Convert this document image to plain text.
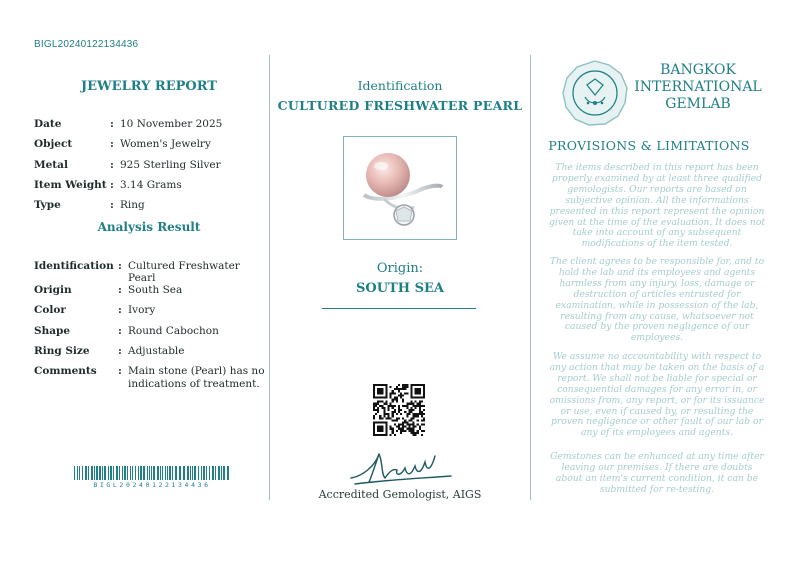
BIGL20240122134436
JEWELRY REPORT
Date	:	10 November 2025
Object	:	Women's Jewelry
Metal	:	925 Sterling Silver
Item Weight	:	3.14 Grams
Type	:	Ring
Analysis Result
Identification	:	Cultured Freshwater Pearl
Origin	:	South Sea
Color	:	Ivory
Shape	:	Round Cabochon
Ring Size	:	Adjustable
Comments	:	Main stone (Pearl) has no indications of treatment.
BIGL20240122134436
Identification
CULTURED FRESHWATER PEARL
Origin:
SOUTH SEA
Accredited Gemologist, AIGS
BANGKOK
INTERNATIONAL
GEMLAB
PROVISIONS & LIMITATIONS
The items described in this report has been properly examined by at least three qualified gemologists. Our reports are based on subjective opinion. All the informations presented in this report represent the opinion given at the time of the evaluation. It does not take into account of any subsequent modifications of the item tested.
The client agrees to be responsible for, and to hold the lab and its employees and agents harmless from any injury, loss, damage or destruction of articles entrusted for examination, while in possession of the lab, resulting from any cause, whatsoever not caused by the proven negligence of our employees.
We assume no accountability with respect to any action that may be taken on the basis of a report. We shall not be liable for special or consequential damages for any error in, or omissions from, any report, or for its issuance or use, even if caused by, or resulting the proven negligence or other fault of our lab or any of its employees and agents.
Gemstones can be enhanced at any time after leaving our premises. If there are doubts about an item's current condition, it can be submitted for re-testing.
